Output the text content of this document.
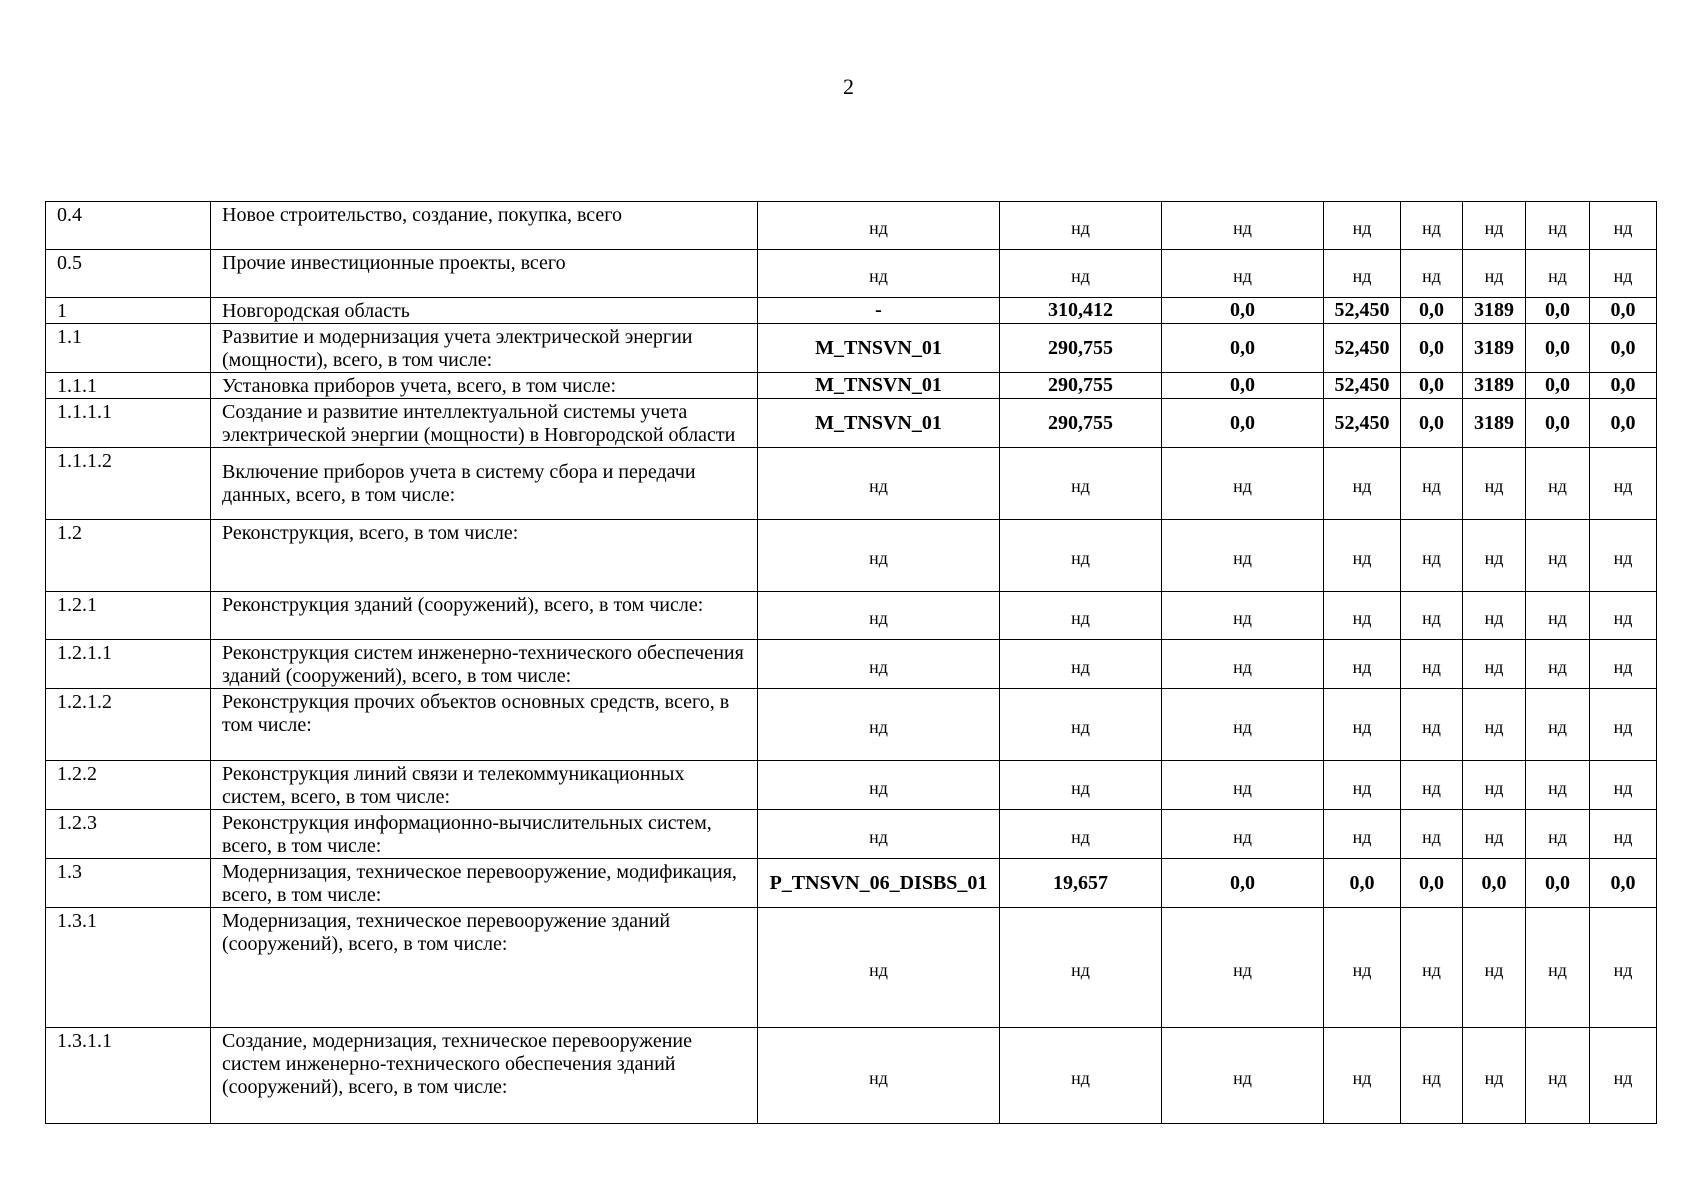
2
0.4	Новое строительство, создание, покупка, всего	нд	нд	нд	нд	нд	нд	нд	нд
0.5	Прочие инвестиционные проекты, всего	нд	нд	нд	нд	нд	нд	нд	нд
1	Новгородская область	-	310,412	0,0	52,450	0,0	3189	0,0	0,0
1.1	Развитие и модернизация учета электрической энергии (мощности), всего, в том числе:	M_TNSVN_01	290,755	0,0	52,450	0,0	3189	0,0	0,0
1.1.1	Установка приборов учета, всего, в том числе:	M_TNSVN_01	290,755	0,0	52,450	0,0	3189	0,0	0,0
1.1.1.1	Создание и развитие интеллектуальной системы учета электрической энергии (мощности) в Новгородской области	M_TNSVN_01	290,755	0,0	52,450	0,0	3189	0,0	0,0
1.1.1.2	Включение приборов учета в систему сбора и передачи данных, всего, в том числе:	нд	нд	нд	нд	нд	нд	нд	нд
1.2	Реконструкция, всего, в том числе:	нд	нд	нд	нд	нд	нд	нд	нд
1.2.1	Реконструкция зданий (сооружений), всего, в том числе:	нд	нд	нд	нд	нд	нд	нд	нд
1.2.1.1	Реконструкция систем инженерно-технического обеспечения зданий (сооружений), всего, в том числе:	нд	нд	нд	нд	нд	нд	нд	нд
1.2.1.2	Реконструкция прочих объектов основных средств, всего, в том числе:	нд	нд	нд	нд	нд	нд	нд	нд
1.2.2	Реконструкция линий связи и телекоммуникационных систем, всего, в том числе:	нд	нд	нд	нд	нд	нд	нд	нд
1.2.3	Реконструкция информационно-вычислительных систем, всего, в том числе:	нд	нд	нд	нд	нд	нд	нд	нд
1.3	Модернизация, техническое перевооружение, модификация, всего, в том числе:	P_TNSVN_06_DISBS_01	19,657	0,0	0,0	0,0	0,0	0,0	0,0
1.3.1	Модернизация, техническое перевооружение зданий (сооружений), всего, в том числе:	нд	нд	нд	нд	нд	нд	нд	нд
1.3.1.1	Создание, модернизация, техническое перевооружение систем инженерно-технического обеспечения зданий (сооружений), всего, в том числе:	нд	нд	нд	нд	нд	нд	нд	нд
